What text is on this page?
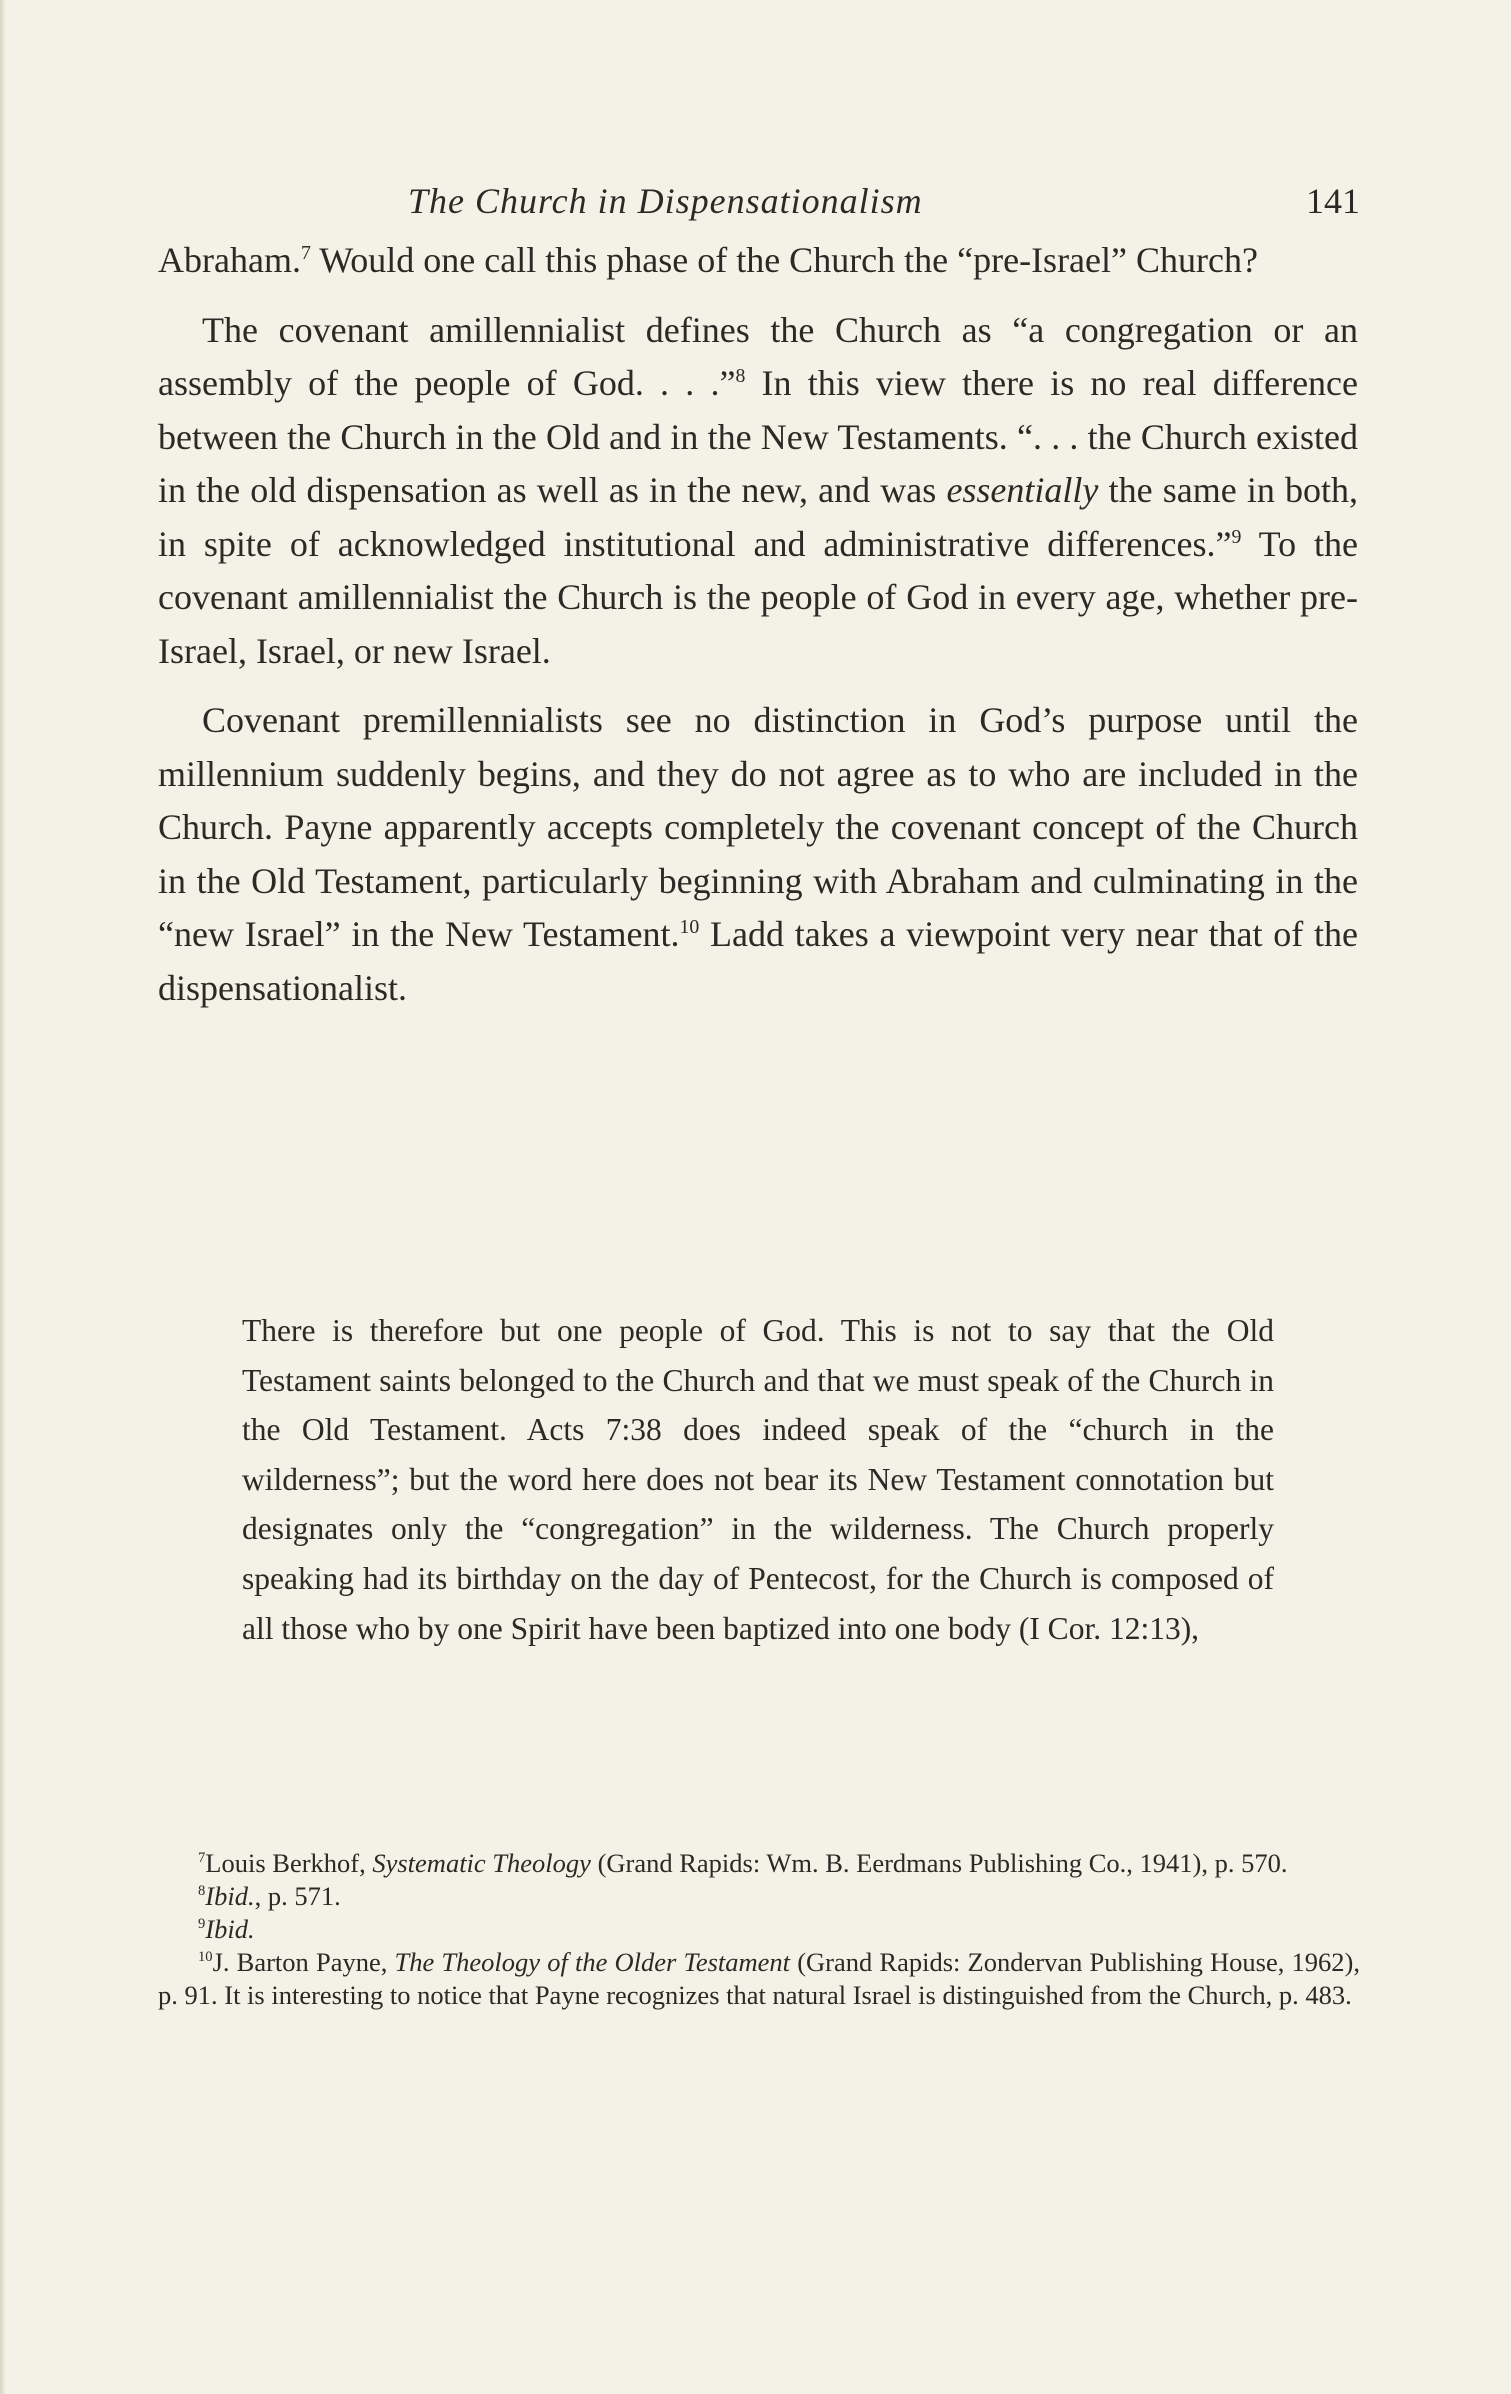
The Church in Dispensationalism	141

Abraham.$^7$ Would one call this phase of the Church the “pre-Israel” Church?

The covenant amillennialist defines the Church as “a congregation or an assembly of the people of God. . . .”$^8$ In this view there is no real difference between the Church in the Old and in the New Testaments. “. . . the Church existed in the old dispensation as well as in the new, and was essentially the same in both, in spite of acknowledged institutional and administrative differences.”$^9$ To the covenant amillennialist the Church is the people of God in every age, whether pre-Israel, Israel, or new Israel.

Covenant premillennialists see no distinction in God’s purpose until the millennium suddenly begins, and they do not agree as to who are included in the Church. Payne apparently accepts completely the covenant concept of the Church in the Old Testament, particularly beginning with Abraham and culminating in the “new Israel” in the New Testament.$^{10}$ Ladd takes a viewpoint very near that of the dispensationalist.

There is therefore but one people of God. This is not to say that the Old Testament saints belonged to the Church and that we must speak of the Church in the Old Testament. Acts 7:38 does indeed speak of the “church in the wilderness”; but the word here does not bear its New Testament connotation but designates only the “congregation” in the wilderness. The Church properly speaking had its birthday on the day of Pentecost, for the Church is composed of all those who by one Spirit have been baptized into one body (I Cor. 12:13),

$^7$Louis Berkhof, Systematic Theology (Grand Rapids: Wm. B. Eerdmans Publishing Co., 1941), p. 570.

$^8$Ibid., p. 571.

$^9$Ibid.

$^{10}$J. Barton Payne, The Theology of the Older Testament (Grand Rapids: Zondervan Publishing House, 1962), p. 91. It is interesting to notice that Payne recognizes that natural Israel is distinguished from the Church, p. 483.
